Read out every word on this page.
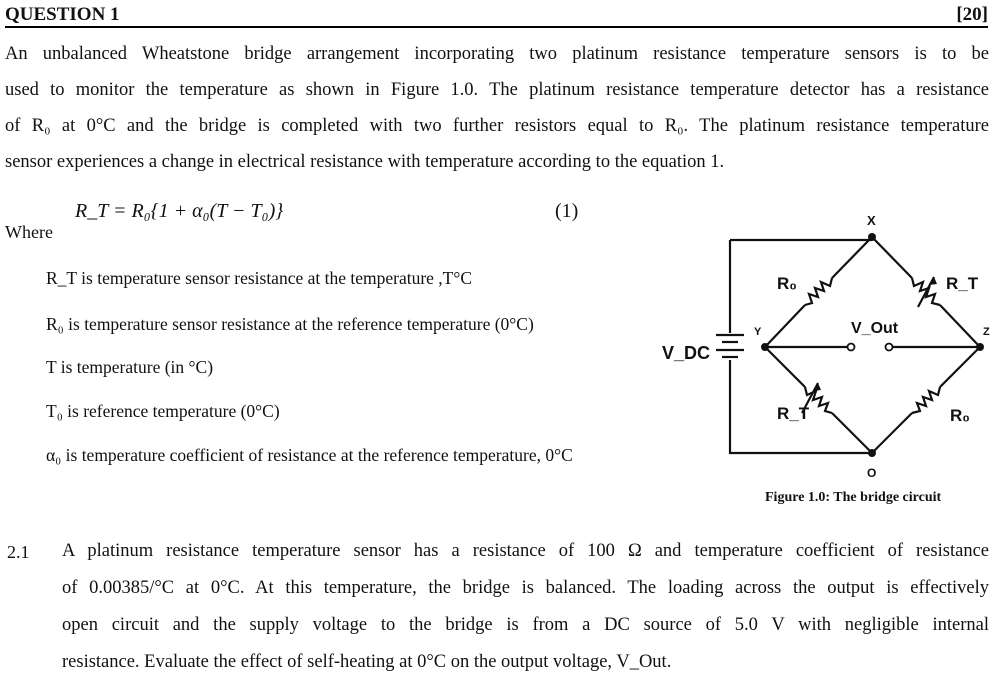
QUESTION 1	[20]
An unbalanced Wheatstone bridge arrangement incorporating two platinum resistance temperature sensors is to be
used to monitor the temperature as shown in Figure 1.0. The platinum resistance temperature detector has a resistance
of R₀ at 0°C and the bridge is completed with two further resistors equal to R₀. The platinum resistance temperature
sensor experiences a change in electrical resistance with temperature according to the equation 1.
R_T = R₀{1 + α₀(T − T₀)}	(1)
Where
R_T is temperature sensor resistance at the temperature ,T°C
R₀ is temperature sensor resistance at the reference temperature (0°C)
T is temperature (in °C)
T₀ is reference temperature (0°C)
α₀ is temperature coefficient of resistance at the reference temperature, 0°C
X
Y	Z
O
V_DC
V_Out
R₀	R_T
R_T	R₀
Figure 1.0: The bridge circuit
2.1 A platinum resistance temperature sensor has a resistance of 100 Ω and temperature coefficient of resistance
of 0.00385/°C at 0°C. At this temperature, the bridge is balanced. The loading across the output is effectively
open circuit and the supply voltage to the bridge is from a DC source of 5.0 V with negligible internal
resistance. Evaluate the effect of self-heating at 0°C on the output voltage, V_Out.
